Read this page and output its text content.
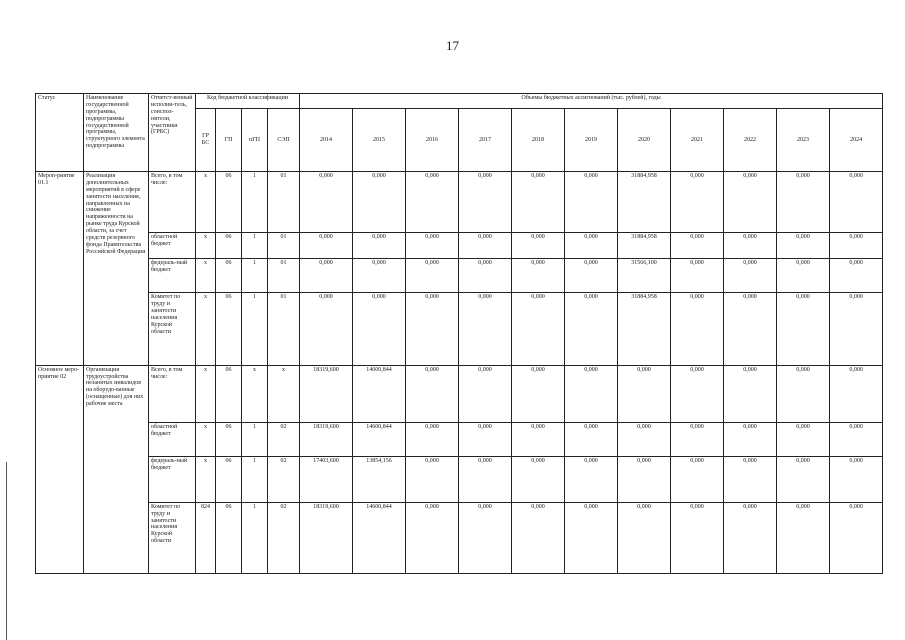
17
Статус	Наименование государственной программы, подпрограммы государственной программы, структурного элемента подпрограммы	Ответст-венный исполни-тель, соиспол-нители, участники (ГРБС)	Код бюджетной классификации				Объемы бюджетных ассигнований (тыс. рублей), годы										
			ГР БС	ГП	пГП	СЭП	2014	2015	2016	2017	2018	2019	2020	2021	2022	2023	2024
Мероп-риятие 01.1	Реализация дополнительных мероприятий в сфере занятости населения, направленных на снижение напряженности на рынке труда Курской области, за счет средств резервного фонда Правительства Российской Федерации	Всего, в том числе:	x	06	1	01	0,000	0,000	0,000	0,000	0,000	0,000	31884,958	0,000	0,000	0,000	0,000
		областной бюджет	x	06	1	01	0,000	0,000	0,000	0,000	0,000	0,000	31884,958	0,000	0,000	0,000	0,000
		федераль-ный бюджет	x	06	1	01	0,000	0,000	0,000	0,000	0,000	0,000	31566,100	0,000	0,000	0,000	0,000
		Комитет по труду и занятости населения Курской области	x	06	1	01	0,000	0,000	0,000	0,000	0,000	0,000	31884,958	0,000	0,000	0,000	0,000
Основное меро-приятие 02	Организация трудоустройства незанятых инвалидов на оборудо-ванные (оснащенные) для них рабочие места	Всего, в том числе:	x	06	x	x	18319,600	14600,844	0,000	0,000	0,000	0,000	0,000	0,000	0,000	0,000	0,000
		областной бюджет	x	06	1	02	18319,600	14600,844	0,000	0,000	0,000	0,000	0,000	0,000	0,000	0,000	0,000
		федераль-ный бюджет	x	06	1	02	17403,600	13854,156	0,000	0,000	0,000	0,000	0,000	0,000	0,000	0,000	0,000
		Комитет по труду и занятости населения Курской области	824	06	1	02	18319,600	14600,844	0,000	0,000	0,000	0,000	0,000	0,000	0,000	0,000	0,000
